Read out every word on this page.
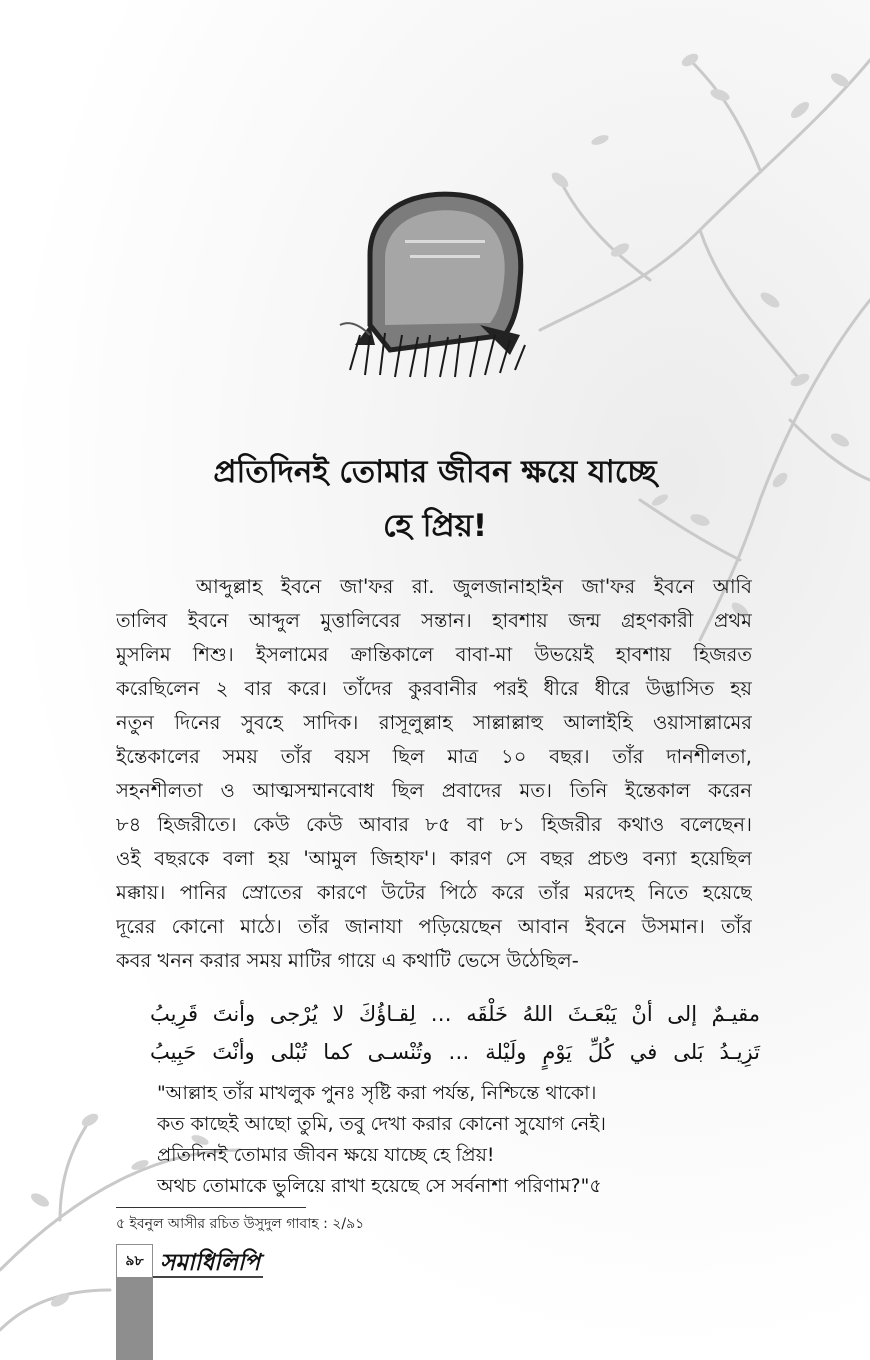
প্রতিদিনই তোমার জীবন ক্ষয়ে যাচ্ছে
হে প্রিয়!
আব্দুল্লাহ ইবনে জা'ফর রা. জুলজানাহাইন জা'ফর ইবনে আবি
তালিব ইবনে আব্দুল মুত্তালিবের সন্তান। হাবশায় জন্ম গ্রহণকারী প্রথম
মুসলিম শিশু। ইসলামের ক্রান্তিকালে বাবা-মা উভয়েই হাবশায় হিজরত
করেছিলেন ২ বার করে। তাঁদের কুরবানীর পরই ধীরে ধীরে উদ্ভাসিত হয়
নতুন দিনের সুবহে সাদিক। রাসূলুল্লাহ সাল্লাল্লাহু আলাইহি ওয়াসাল্লামের
ইন্তেকালের সময় তাঁর বয়স ছিল মাত্র ১০ বছর। তাঁর দানশীলতা,
সহনশীলতা ও আত্মসম্মানবোধ ছিল প্রবাদের মত। তিনি ইন্তেকাল করেন
৮৪ হিজরীতে। কেউ কেউ আবার ৮৫ বা ৮১ হিজরীর কথাও বলেছেন।
ওই বছরকে বলা হয় 'আমুল জিহাফ'। কারণ সে বছর প্রচণ্ড বন্যা হয়েছিল
মক্কায়। পানির স্রোতের কারণে উটের পিঠে করে তাঁর মরদেহ নিতে হয়েছে
দূরের কোনো মাঠে। তাঁর জানাযা পড়িয়েছেন আবান ইবনে উসমান। তাঁর
কবর খনন করার সময় মাটির গায়ে এ কথাটি ভেসে উঠেছিল-
مقيـمٌ إلى أنْ يَبْعَـثَ اللهُ خَلْقَه … لِقـاؤُكَ لا يُرْجى وأنتَ قَرِيبُ
تَزِيـدُ بَلى في كُلِّ يَوْمٍ ولَيْلة … وتُنْسـى كما تُبْلى وأنْتَ حَبِيبُ
"আল্লাহ তাঁর মাখলুক পুনঃ সৃষ্টি করা পর্যন্ত, নিশ্চিন্তে থাকো।
কত কাছেই আছো তুমি, তবু দেখা করার কোনো সুযোগ নেই।
প্রতিদিনই তোমার জীবন ক্ষয়ে যাচ্ছে হে প্রিয়!
অথচ তোমাকে ভুলিয়ে রাখা হয়েছে সে সর্বনাশা পরিণাম?"৫
৫ ইবনুল আসীর রচিত উসুদুল গাবাহ : ২/৯১
৯৮ সমাধিলিপি
